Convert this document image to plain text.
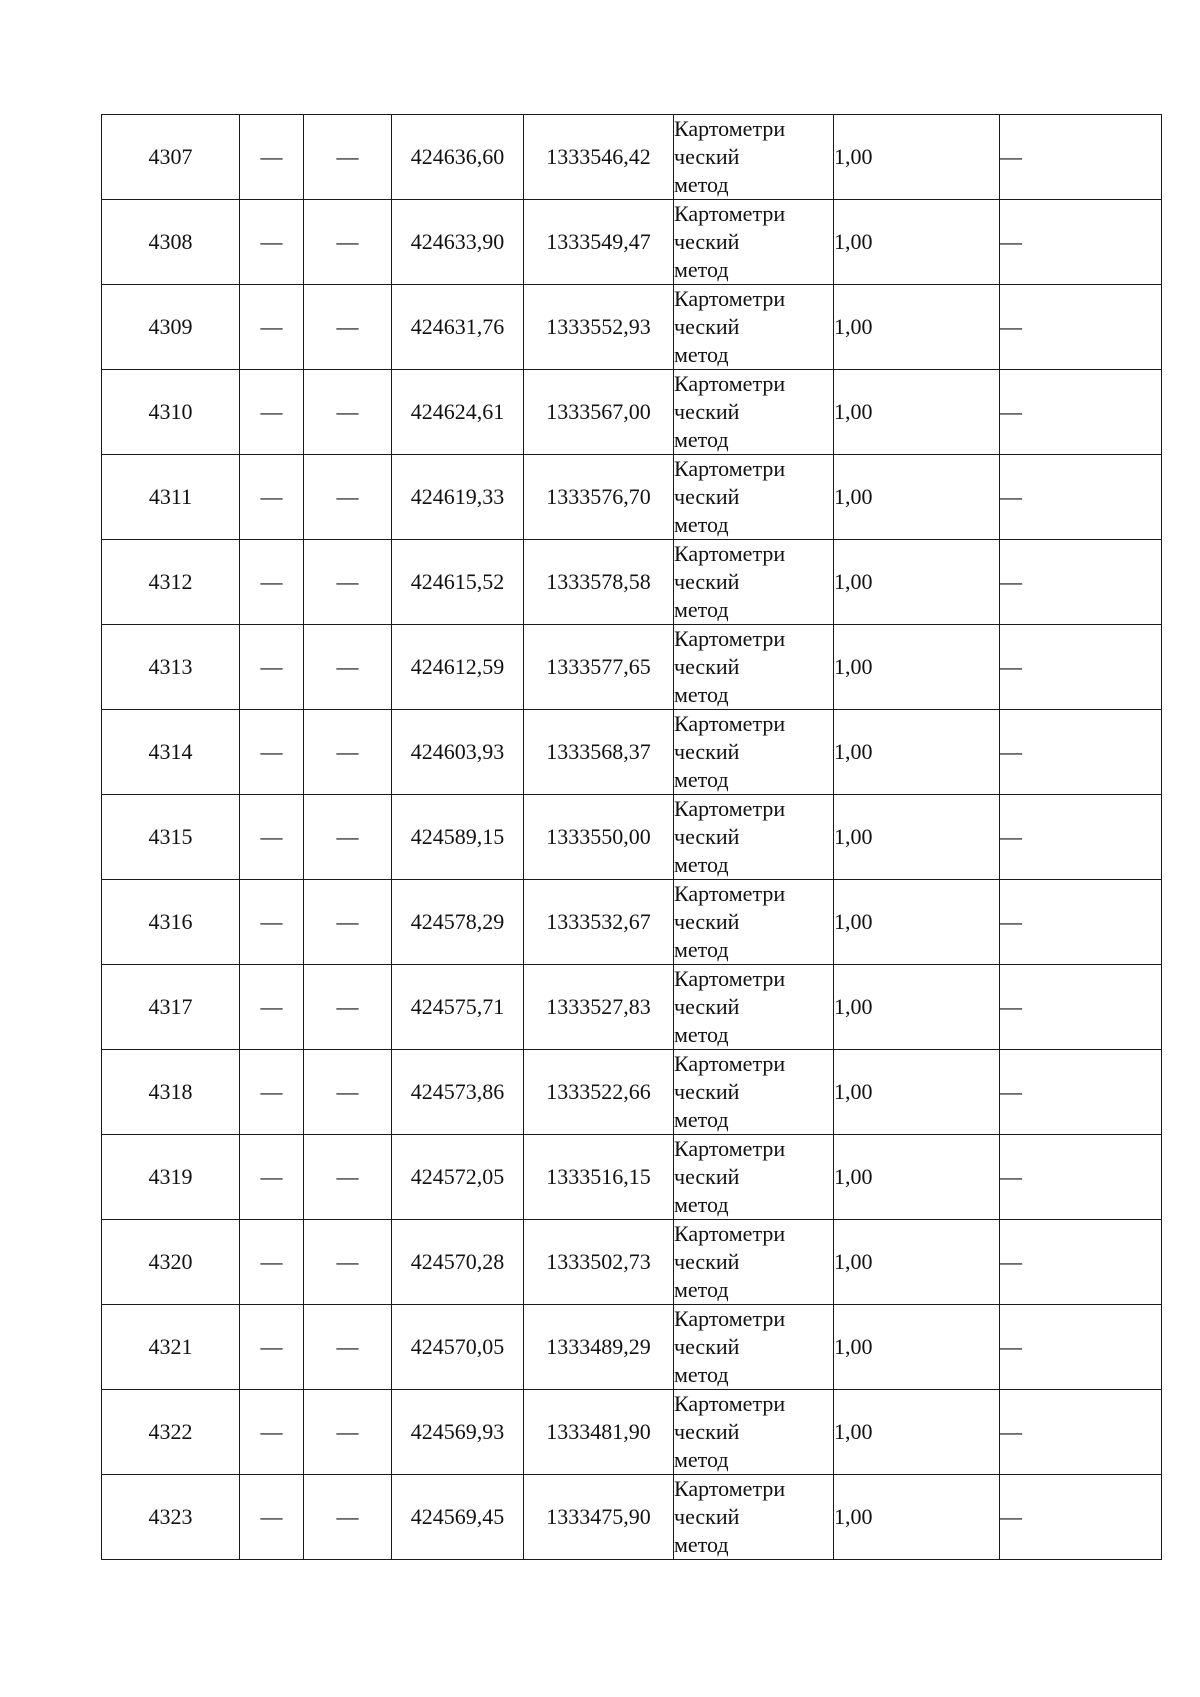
4307	—	—	424636,60	1333546,42	Картометри
ческий
метод	1,00	—
4308	—	—	424633,90	1333549,47	Картометри
ческий
метод	1,00	—
4309	—	—	424631,76	1333552,93	Картометри
ческий
метод	1,00	—
4310	—	—	424624,61	1333567,00	Картометри
ческий
метод	1,00	—
4311	—	—	424619,33	1333576,70	Картометри
ческий
метод	1,00	—
4312	—	—	424615,52	1333578,58	Картометри
ческий
метод	1,00	—
4313	—	—	424612,59	1333577,65	Картометри
ческий
метод	1,00	—
4314	—	—	424603,93	1333568,37	Картометри
ческий
метод	1,00	—
4315	—	—	424589,15	1333550,00	Картометри
ческий
метод	1,00	—
4316	—	—	424578,29	1333532,67	Картометри
ческий
метод	1,00	—
4317	—	—	424575,71	1333527,83	Картометри
ческий
метод	1,00	—
4318	—	—	424573,86	1333522,66	Картометри
ческий
метод	1,00	—
4319	—	—	424572,05	1333516,15	Картометри
ческий
метод	1,00	—
4320	—	—	424570,28	1333502,73	Картометри
ческий
метод	1,00	—
4321	—	—	424570,05	1333489,29	Картометри
ческий
метод	1,00	—
4322	—	—	424569,93	1333481,90	Картометри
ческий
метод	1,00	—
4323	—	—	424569,45	1333475,90	Картометри
ческий
метод	1,00	—
